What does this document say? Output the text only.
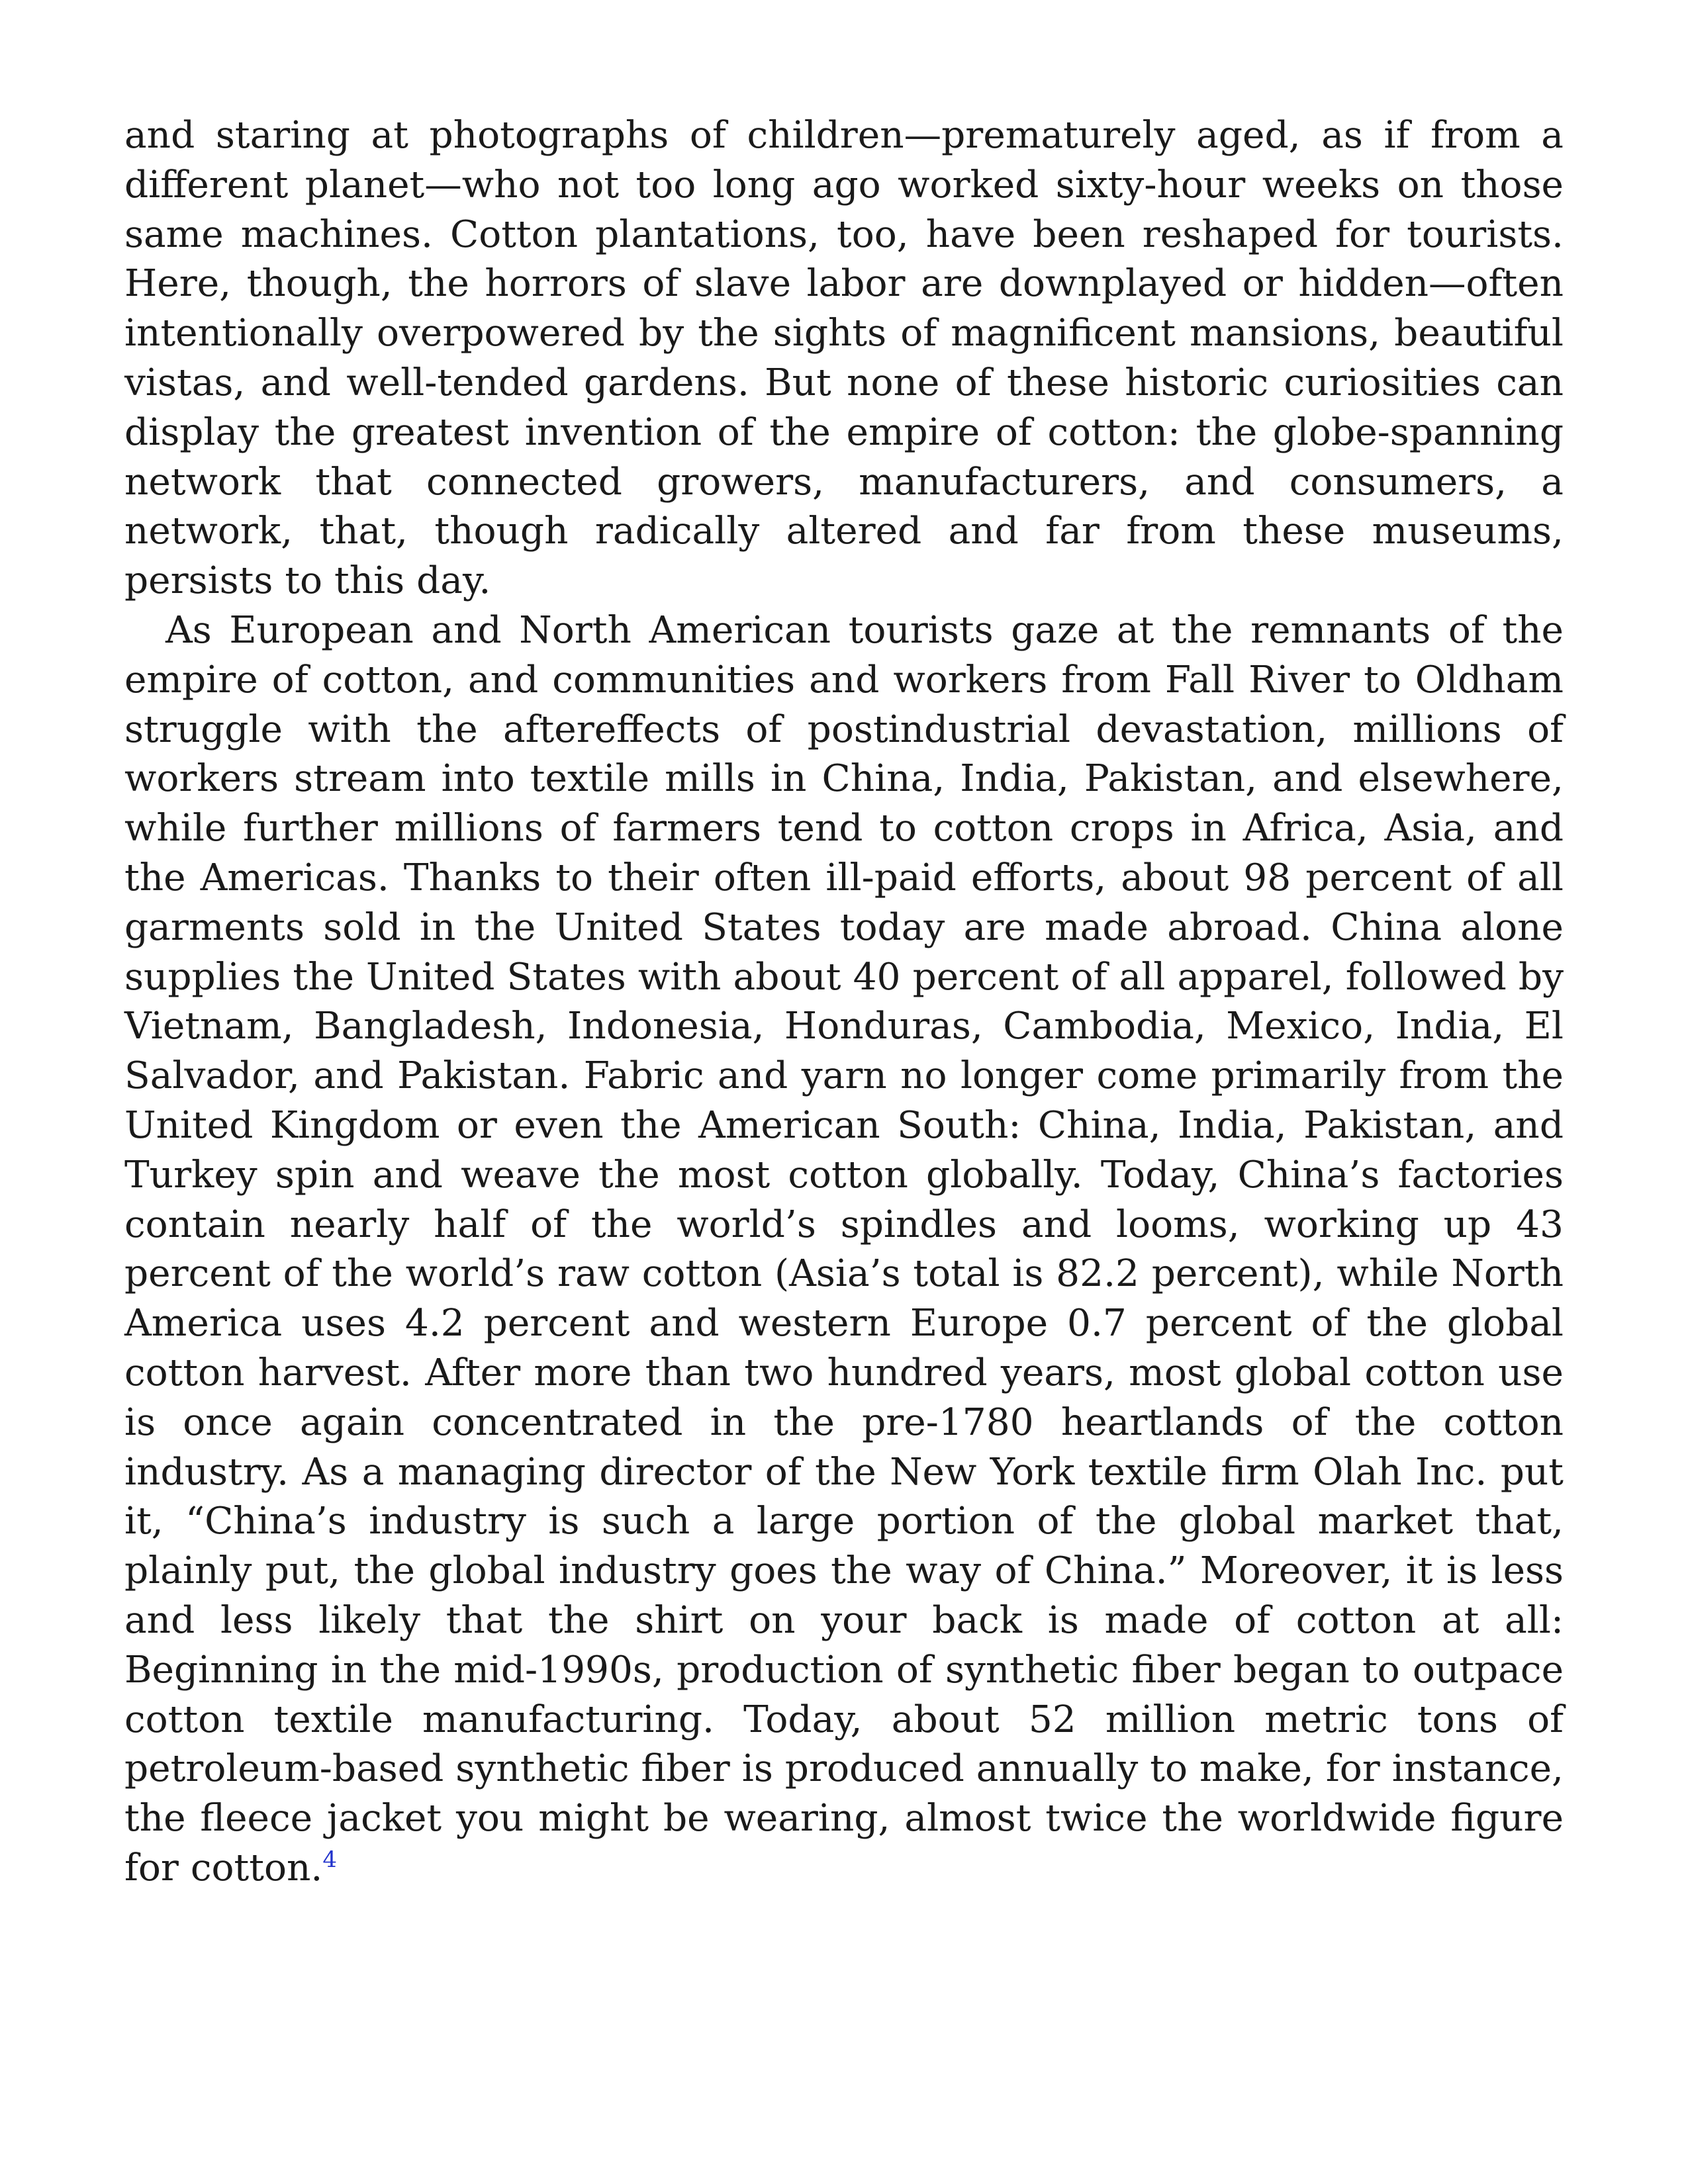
and staring at photographs of children—prematurely aged, as if from a different planet—who not too long ago worked sixty-hour weeks on those same machines. Cotton plantations, too, have been reshaped for tourists. Here, though, the horrors of slave labor are downplayed or hidden—often intentionally overpowered by the sights of magnificent mansions, beautiful vistas, and well-tended gardens. But none of these historic curiosities can display the greatest invention of the empire of cotton: the globe-spanning network that connected growers, manufacturers, and consumers, a network, that, though radically altered and far from these museums, persists to this day.

As European and North American tourists gaze at the remnants of the empire of cotton, and communities and workers from Fall River to Oldham struggle with the aftereffects of postindustrial devastation, millions of workers stream into textile mills in China, India, Pakistan, and elsewhere, while further millions of farmers tend to cotton crops in Africa, Asia, and the Americas. Thanks to their often ill-paid efforts, about 98 percent of all garments sold in the United States today are made abroad. China alone supplies the United States with about 40 percent of all apparel, followed by Vietnam, Bangladesh, Indonesia, Honduras, Cambodia, Mexico, India, El Salvador, and Pakistan. Fabric and yarn no longer come primarily from the United Kingdom or even the American South: China, India, Pakistan, and Turkey spin and weave the most cotton globally. Today, China’s factories contain nearly half of the world’s spindles and looms, working up 43 percent of the world’s raw cotton (Asia’s total is 82.2 percent), while North America uses 4.2 percent and western Europe 0.7 percent of the global cotton harvest. After more than two hundred years, most global cotton use is once again concentrated in the pre-1780 heartlands of the cotton industry. As a managing director of the New York textile firm Olah Inc. put it, “China’s industry is such a large portion of the global market that, plainly put, the global industry goes the way of China.” Moreover, it is less and less likely that the shirt on your back is made of cotton at all: Beginning in the mid-1990s, production of synthetic fiber began to outpace cotton textile manufacturing. Today, about 52 million metric tons of petroleum-based synthetic fiber is produced annually to make, for instance, the fleece jacket you might be wearing, almost twice the worldwide figure for cotton.$^4$
